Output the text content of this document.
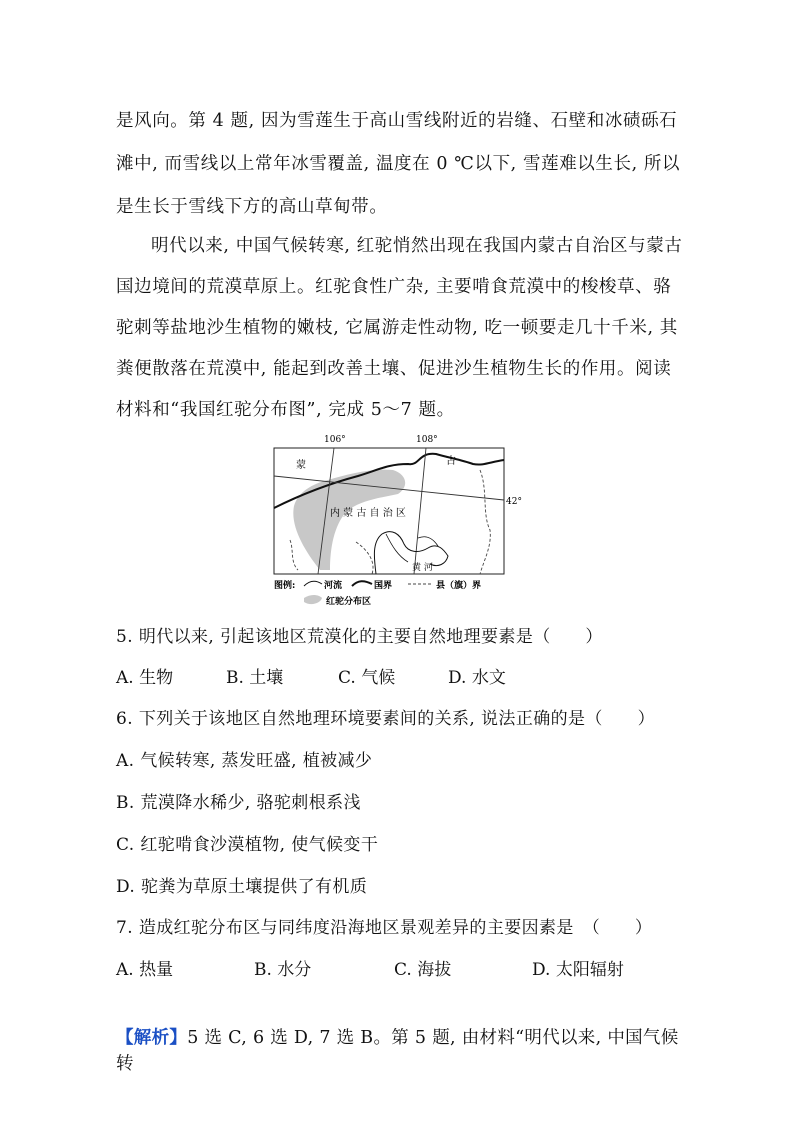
是风向。第 4 题, 因为雪莲生于高山雪线附近的岩缝、石壁和冰碛砾石滩中, 而雪线以上常年冰雪覆盖, 温度在 0 ℃以下, 雪莲难以生长, 所以是生长于雪线下方的高山草甸带。

明代以来, 中国气候转寒, 红驼悄然出现在我国内蒙古自治区与蒙古国边境间的荒漠草原上。红驼食性广杂, 主要啃食荒漠中的梭梭草、骆驼刺等盐地沙生植物的嫩枝, 它属游走性动物, 吃一顿要走几十千米, 其粪便散落在荒漠中, 能起到改善土壤、促进沙生植物生长的作用。阅读材料和“我国红驼分布图”, 完成 5～7 题。

106°	108°
42°
蒙	古
内 蒙 古 自 治 区
黄 河
图例:	河流	国界	县（旗）界
红驼分布区

5. 明代以来, 引起该地区荒漠化的主要自然地理要素是（　　）

A. 生物	B. 土壤	C. 气候	D. 水文

6. 下列关于该地区自然地理环境要素间的关系, 说法正确的是（　　）

A. 气候转寒, 蒸发旺盛, 植被减少

B. 荒漠降水稀少, 骆驼刺根系浅

C. 红驼啃食沙漠植物, 使气候变干

D. 驼粪为草原土壤提供了有机质

7. 造成红驼分布区与同纬度沿海地区景观差异的主要因素是　（　　）

A. 热量	B. 水分	C. 海拔	D. 太阳辐射
【解析】5 选 C, 6 选 D, 7 选 B。第 5 题, 由材料“明代以来, 中国气候转
